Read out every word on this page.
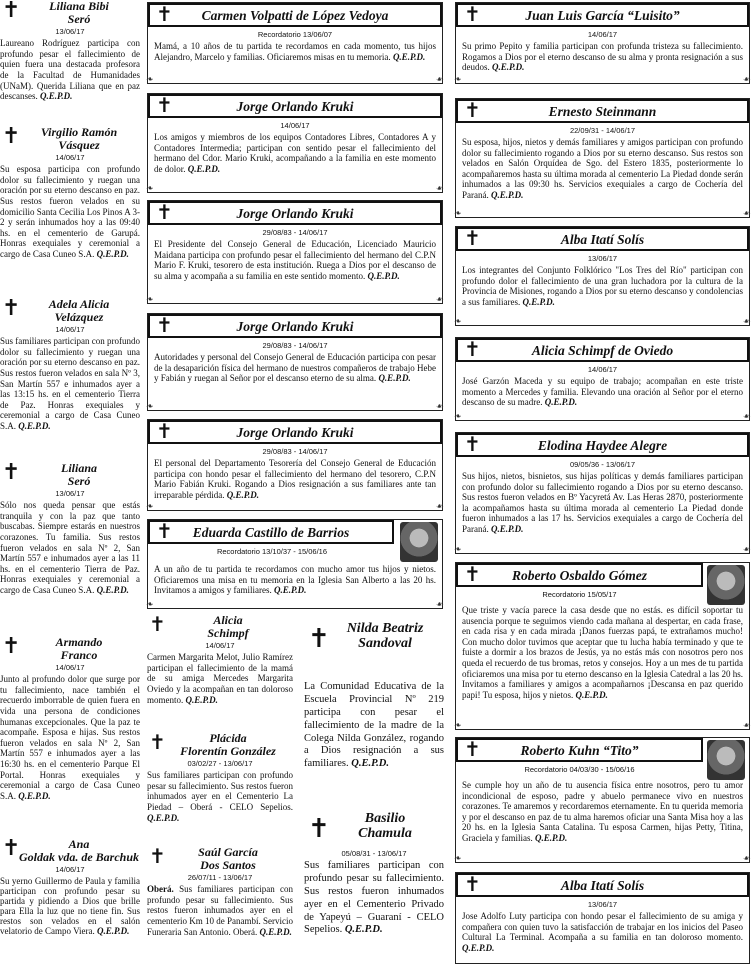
✝	Liliana Bibi
Seró
13/06/17
Laureano Rodríguez participa con profundo pesar el fallecimiento de quien fuera una destacada profesora de la Facultad de Humanidades (UNaM). Querida Liliana que en paz descanses. Q.E.P.D.
✝	Virgilio Ramón
Vásquez
14/06/17
Su esposa participa con profundo dolor su fallecimiento y ruegan una oración por su eterno descanso en paz. Sus restos fueron velados en su domicilio Santa Cecilia Los Pinos A 3-2 y serán inhumados hoy a las 09:40 hs. en el cementerio de Garupá. Honras exequiales y ceremonial a cargo de Casa Cuneo S.A. Q.E.P.D.
✝	Adela Alicia
Velázquez
14/06/17
Sus familiares participan con profundo dolor su fallecimiento y ruegan una oración por su eterno descanso en paz. Sus restos fueron velados en sala Nº 3, San Martín 557 e inhumados ayer a las 13:15 hs. en el cementerio Tierra de Paz. Honras exequiales y ceremonial a cargo de Casa Cuneo S.A. Q.E.P.D.
✝	Liliana
Seró
13/06/17
Sólo nos queda pensar que estás tranquila y con la paz que tanto buscabas. Siempre estarás en nuestros corazones. Tu familia. Sus restos fueron velados en sala Nº 2, San Martín 557 e inhumados ayer a las 11 hs. en el cementerio Tierra de Paz. Honras exequiales y ceremonial a cargo de Casa Cuneo S.A. Q.E.P.D.
✝	Armando
Franco
14/06/17
Junto al profundo dolor que surge por tu fallecimiento, nace también el recuerdo imborrable de quien fuera en vida una persona de condiciones humanas excepcionales. Que la paz te acompañe. Esposa e hijas. Sus restos fueron velados en sala Nº 2, San Martín 557 e inhumados ayer a las 16:30 hs. en el cementerio Parque El Portal. Honras exequiales y ceremonial a cargo de Casa Cuneo S.A. Q.E.P.D.
✝	Ana
Goldak vda. de Barchuk
14/06/17
Su yerno Guillermo de Paula y familia participan con profundo pesar su partida y pidiendo a Dios que brille para Ella la luz que no tiene fin. Sus restos son velados en el salón velatorio de Campo Viera. Q.E.P.D.
✝	Carmen Volpatti de López Vedoya
Recordatorio 13/06/07
Mamá, a 10 años de tu partida te recordamos en cada momento, tus hijos Alejandro, Marcelo y familias. Oficiaremos misas en tu memoria. Q.E.P.D.
❧	☙
✝	Jorge Orlando Kruki
14/06/17
Los amigos y miembros de los equipos Contadores Libres, Contadores A y Contadores Intermedia; participan con sentido pesar el fallecimiento del hermano del Cdor. Mario Kruki, acompañando a la familia en este momento de dolor. Q.E.P.D.
❧	☙
✝	Jorge Orlando Kruki
29/08/83 - 14/06/17
El Presidente del Consejo General de Educación, Licenciado Mauricio Maidana participa con profundo pesar el fallecimiento del hermano del C.P.N Mario F. Kruki, tesorero de esta institución. Ruega a Dios por el descanso de su alma y acompaña a su familia en este sentido momento. Q.E.P.D.
❧	☙
✝	Jorge Orlando Kruki
29/08/83 - 14/06/17
Autoridades y personal del Consejo General de Educación participa con pesar de la desaparición física del hermano de nuestros compañeros de trabajo Hebe y Fabián y ruegan al Señor por el descanso eterno de su alma. Q.E.P.D.
❧	☙
✝	Jorge Orlando Kruki
29/08/83 - 14/06/17
El personal del Departamento Tesorería del Consejo General de Educación participa con hondo pesar el fallecimiento del hermano del tesorero, C.P.N Mario Fabián Kruki. Rogando a Dios resignación a sus familiares ante tan irreparable pérdida. Q.E.P.D.
❧	☙
✝	Eduarda Castillo de Barrios
Recordatorio 13/10/37 - 15/06/16
A un año de tu partida te recordamos con mucho amor tus hijos y nietos. Oficiaremos una misa en tu memoria en la Iglesia San Alberto a las 20 hs. Invitamos a amigos y familiares. Q.E.P.D.
❧	☙
✝	Alicia
Schimpf
14/06/17
Carmen Margarita Melot, Julio Ramírez participan el fallecimiento de la mamá de su amiga Mercedes Margarita Oviedo y la acompañan en tan doloroso momento. Q.E.P.D.
✝	Plácida
Florentín González
03/02/27 - 13/06/17
Sus familiares participan con profundo pesar su fallecimiento. Sus restos fueron inhumados ayer en el Cementerio La Piedad – Oberá - CELO Sepelios. Q.E.P.D.
✝	Saúl García
Dos Santos
26/07/11 - 13/06/17
Oberá. Sus familiares participan con profundo pesar su fallecimiento. Sus restos fueron inhumados ayer en el cementerio Km 10 de Panambí. Servicio Funeraria San Antonio. Oberá. Q.E.P.D.
✝	Nilda Beatriz
Sandoval
La Comunidad Educativa de la Escuela Provincial Nº 219 participa con pesar el fallecimiento de la madre de la Colega Nilda González, rogando a Dios resignación a sus familiares. Q.E.P.D.
✝	Basilio
Chamula
05/08/31 - 13/06/17
Sus familiares participan con profundo pesar su fallecimiento. Sus restos fueron inhumados ayer en el Cementerio Privado de Yapeyú – Guaraní - CELO Sepelios. Q.E.P.D.
✝	Juan Luis García “Luisito”
14/06/17
Su primo Pepito y familia participan con profunda tristeza su fallecimiento. Rogamos a Dios por el eterno descanso de su alma y pronta resignación a sus deudos. Q.E.P.D.
❧	☙
✝	Ernesto Steinmann
22/09/31 - 14/06/17
Su esposa, hijos, nietos y demás familiares y amigos participan con profundo dolor su fallecimiento rogando a Dios por su eterno descanso. Sus restos son velados en Salón Orquídea de Sgo. del Estero 1835, posteriormente lo acompañaremos hasta su última morada al cementerio La Piedad donde serán inhumados a las 09:30 hs. Servicios exequiales a cargo de Cochería del Paraná. Q.E.P.D.
❧	☙
✝	Alba Itatí Solís
13/06/17
Los integrantes del Conjunto Folklórico "Los Tres del Río" participan con profundo dolor el fallecimiento de una gran luchadora por la cultura de la Provincia de Misiones, rogando a Dios por su eterno descanso y condolencias a sus familiares. Q.E.P.D.
❧	☙
✝	Alicia Schimpf de Oviedo
14/06/17
José Garzón Maceda y su equipo de trabajo; acompañan en este triste momento a Mercedes y familia. Elevando una oración al Señor por el eterno descanso de su madre. Q.E.P.D.
❧	☙
✝	Elodina Haydee Alegre
09/05/36 - 13/06/17
Sus hijos, nietos, bisnietos, sus hijas políticas y demás familiares participan con profundo dolor su fallecimiento rogando a Dios por su eterno descanso. Sus restos fueron velados en Bº Yacyretá Av. Las Heras 2870, posteriormente la acompañamos hasta su última morada al cementerio La Piedad donde fueron inhumados a las 17 hs. Servicios exequiales a cargo de Cochería del Paraná. Q.E.P.D.
❧	☙
✝	Roberto Osbaldo Gómez
Recordatorio 15/05/17
Que triste y vacía parece la casa desde que no estás. es difícil soportar tu ausencia porque te seguimos viendo cada mañana al despertar, en cada frase, en cada risa y en cada mirada ¡Danos fuerzas papá, te extrañamos mucho! Con mucho dolor tuvimos que aceptar que tu lucha había terminado y que te fuiste a dormir a los brazos de Jesús, ya no estás más con nosotros pero nos queda el recuerdo de tus bromas, retos y consejos. Hoy a un mes de tu partida oficiaremos una misa por tu eterno descanso en la Iglesia Catedral a las 20 hs. Invitamos a familiares y amigos a acompañarnos ¡Descansa en paz querido papi! Tu esposa, hijos y nietos. Q.E.P.D.
❧	☙
✝	Roberto Kuhn “Tito”
Recordatorio 04/03/30 - 15/06/16
Se cumple hoy un año de tu ausencia física entre nosotros, pero tu amor incondicional de esposo, padre y abuelo permanece vivo en nuestros corazones. Te amaremos y recordaremos eternamente. En tu querida memoria y por el descanso en paz de tu alma haremos oficiar una Santa Misa hoy a las 20 hs. en la Iglesia Santa Catalina. Tu esposa Carmen, hijas Petty, Titina, Graciela y familias. Q.E.P.D.
❧	☙
✝	Alba Itatí Solís
13/06/17
Jose Adolfo Luty participa con hondo pesar el fallecimiento de su amiga y compañera con quien tuvo la satisfacción de trabajar en los inicios del Paseo Cultural La Terminal. Acompaña a su familia en tan doloroso momento. Q.E.P.D.
